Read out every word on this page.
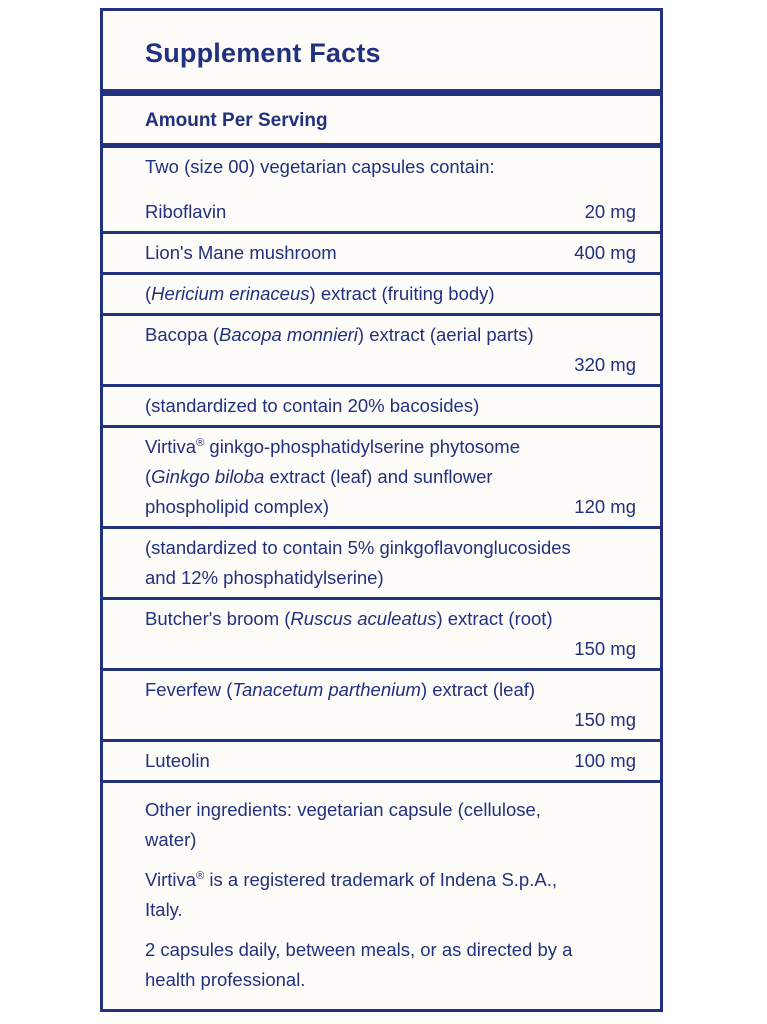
Supplement Facts
Amount Per Serving
Two (size 00) vegetarian capsules contain:
Riboflavin	20 mg
Lion's Mane mushroom	400 mg
(Hericium erinaceus) extract (fruiting body)
Bacopa (Bacopa monnieri) extract (aerial parts)
320 mg
(standardized to contain 20% bacosides)
Virtiva® ginkgo-phosphatidylserine phytosome
(Ginkgo biloba extract (leaf) and sunflower
phospholipid complex)	120 mg
(standardized to contain 5% ginkgoflavonglucosides
and 12% phosphatidylserine)
Butcher's broom (Ruscus aculeatus) extract (root)
150 mg
Feverfew (Tanacetum parthenium) extract (leaf)
150 mg
Luteolin	100 mg
Other ingredients: vegetarian capsule (cellulose,
water)
Virtiva® is a registered trademark of Indena S.p.A.,
Italy.
2 capsules daily, between meals, or as directed by a
health professional.
